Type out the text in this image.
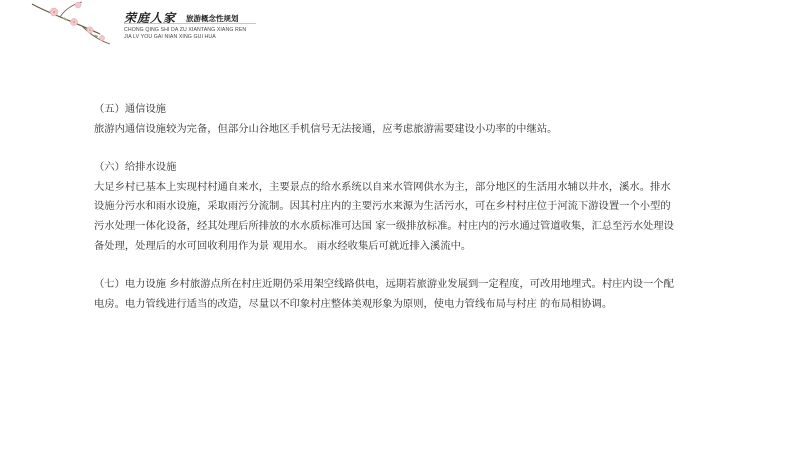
荣庭人家 旅游概念性规划
CHONG QING SHI DA ZU XIANTANG XIANG REN
JIA LV YOU GAI NIAN XING GUI HUA

（五）通信设施

旅游内通信设施较为完备，但部分山谷地区手机信号无法接通，应考虑旅游需要建设小功率的中继站。

（六）给排水设施

大足乡村已基本上实现村村通自来水，主要景点的给水系统以自来水管网供水为主，部分地区的生活用水辅以井水，溪水。排水

设施分污水和雨水设施，采取雨污分流制。因其村庄内的主要污水来源为生活污水，可在乡村村庄位于河流下游设置一个小型的

污水处理一体化设备，经其处理后所排放的水水质标准可达国 家一级排放标准。村庄内的污水通过管道收集，汇总至污水处理设

备处理，处理后的水可回收利用作为景 观用水。 雨水经收集后可就近排入溪流中。

（七）电力设施 乡村旅游点所在村庄近期仍采用架空线路供电，远期若旅游业发展到一定程度，可改用地埋式。村庄内设一个配

电房。电力管线进行适当的改造，尽量以不印象村庄整体美观形象为原则，使电力管线布局与村庄 的布局相协调。
